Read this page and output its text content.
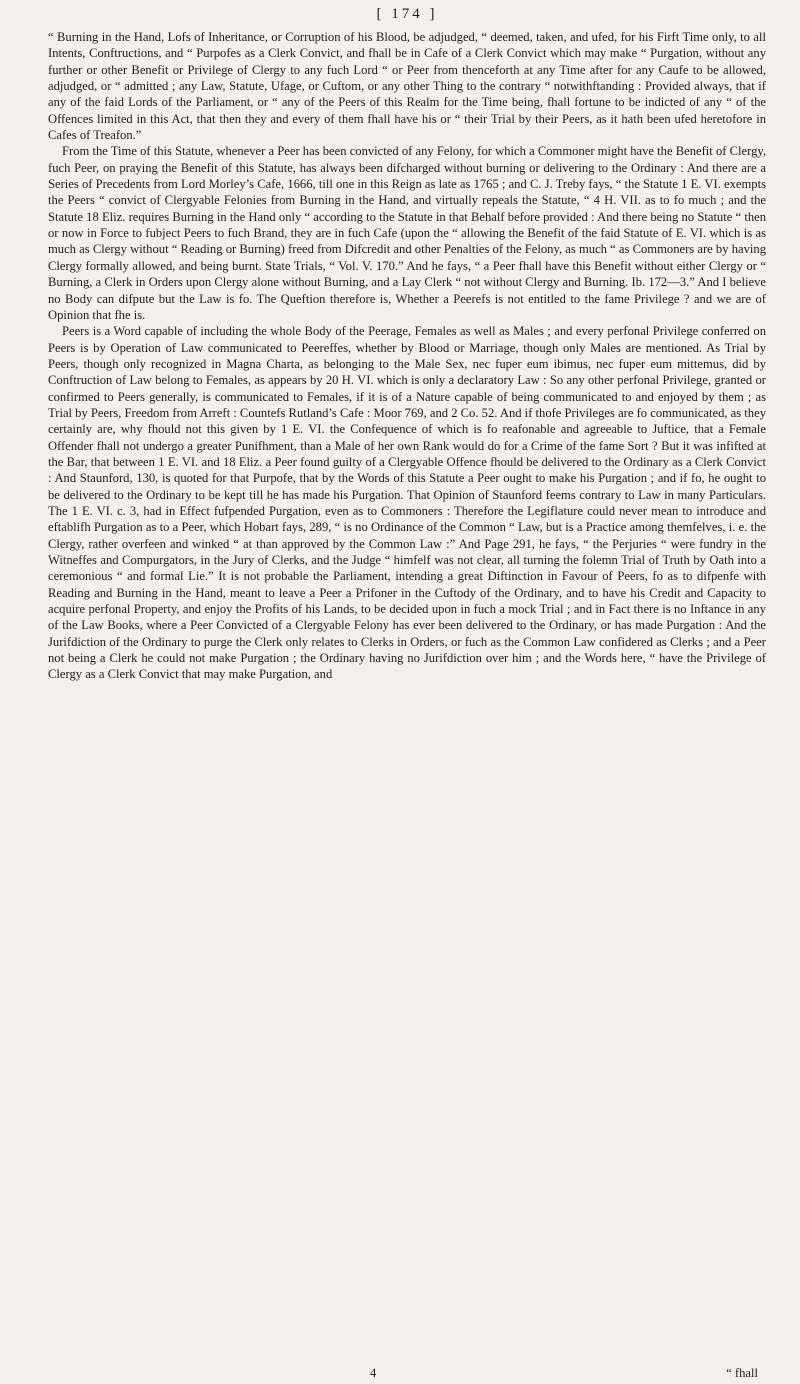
[ 174 ]

“ Burning in the Hand, Lofs of Inheritance, or Corruption of his Blood, be adjudged, “ deemed, taken, and ufed, for his Firft Time only, to all Intents, Conftructions, and “ Purpofes as a Clerk Convict, and fhall be in Cafe of a Clerk Convict which may make “ Purgation, without any further or other Benefit or Privilege of Clergy to any fuch Lord “ or Peer from thenceforth at any Time after for any Caufe to be allowed, adjudged, or “ admitted ; any Law, Statute, Ufage, or Cuftom, or any other Thing to the contrary “ notwithftanding : Provided always, that if any of the faid Lords of the Parliament, or “ any of the Peers of this Realm for the Time being, fhall fortune to be indicted of any “ of the Offences limited in this Act, that then they and every of them fhall have his or “ their Trial by their Peers, as it hath been ufed heretofore in Cafes of Treafon.”

From the Time of this Statute, whenever a Peer has been convicted of any Felony, for which a Commoner might have the Benefit of Clergy, fuch Peer, on praying the Benefit of this Statute, has always been difcharged without burning or delivering to the Ordinary : And there are a Series of Precedents from Lord Morley’s Cafe, 1666, till one in this Reign as late as 1765 ; and C. J. Treby fays, “ the Statute 1 E. VI. exempts the Peers “ convict of Clergyable Felonies from Burning in the Hand, and virtually repeals the Statute, “ 4 H. VII. as to fo much ; and the Statute 18 Eliz. requires Burning in the Hand only “ according to the Statute in that Behalf before provided : And there being no Statute “ then or now in Force to fubject Peers to fuch Brand, they are in fuch Cafe (upon the “ allowing the Benefit of the faid Statute of E. VI. which is as much as Clergy without “ Reading or Burning) freed from Difcredit and other Penalties of the Felony, as much “ as Commoners are by having Clergy formally allowed, and being burnt. State Trials, “ Vol. V. 170.” And he fays, “ a Peer fhall have this Benefit without either Clergy or “ Burning, a Clerk in Orders upon Clergy alone without Burning, and a Lay Clerk “ not without Clergy and Burning. Ib. 172—3.” And I believe no Body can difpute but the Law is fo. The Queftion therefore is, Whether a Peerefs is not entitled to the fame Privilege ? and we are of Opinion that fhe is.

Peers is a Word capable of including the whole Body of the Peerage, Females as well as Males ; and every perfonal Privilege conferred on Peers is by Operation of Law communicated to Peereffes, whether by Blood or Marriage, though only Males are mentioned. As Trial by Peers, though only recognized in Magna Charta, as belonging to the Male Sex, nec fuper eum ibimus, nec fuper eum mittemus, did by Conftruction of Law belong to Females, as appears by 20 H. VI. which is only a declaratory Law : So any other perfonal Privilege, granted or confirmed to Peers generally, is communicated to Females, if it is of a Nature capable of being communicated to and enjoyed by them ; as Trial by Peers, Freedom from Arreft : Countefs Rutland’s Cafe : Moor 769, and 2 Co. 52. And if thofe Privileges are fo communicated, as they certainly are, why fhould not this given by 1 E. VI. the Confequence of which is fo reafonable and agreeable to Juftice, that a Female Offender fhall not undergo a greater Punifhment, than a Male of her own Rank would do for a Crime of the fame Sort ? But it was infifted at the Bar, that between 1 E. VI. and 18 Eliz. a Peer found guilty of a Clergyable Offence fhould be delivered to the Ordinary as a Clerk Convict : And Staunford, 130, is quoted for that Purpofe, that by the Words of this Statute a Peer ought to make his Purgation ; and if fo, he ought to be delivered to the Ordinary to be kept till he has made his Purgation. That Opinion of Staunford feems contrary to Law in many Particulars. The 1 E. VI. c. 3, had in Effect fufpended Purgation, even as to Commoners : Therefore the Legiflature could never mean to introduce and eftablifh Purgation as to a Peer, which Hobart fays, 289, “ is no Ordinance of the Common “ Law, but is a Practice among themfelves, i. e. the Clergy, rather overfeen and winked “ at than approved by the Common Law :” And Page 291, he fays, “ the Perjuries “ were fundry in the Witneffes and Compurgators, in the Jury of Clerks, and the Judge “ himfelf was not clear, all turning the folemn Trial of Truth by Oath into a ceremonious “ and formal Lie.” It is not probable the Parliament, intending a great Diftinction in Favour of Peers, fo as to difpenfe with Reading and Burning in the Hand, meant to leave a Peer a Prifoner in the Cuftody of the Ordinary, and to have his Credit and Capacity to acquire perfonal Property, and enjoy the Profits of his Lands, to be decided upon in fuch a mock Trial ; and in Fact there is no Inftance in any of the Law Books, where a Peer Convicted of a Clergyable Felony has ever been delivered to the Ordinary, or has made Purgation : And the Jurifdiction of the Ordinary to purge the Clerk only relates to Clerks in Orders, or fuch as the Common Law confidered as Clerks ; and a Peer not being a Clerk he could not make Purgation ; the Ordinary having no Jurifdiction over him ; and the Words here, “ have the Privilege of Clergy as a Clerk Convict that may make Purgation, and

4	“ fhall
